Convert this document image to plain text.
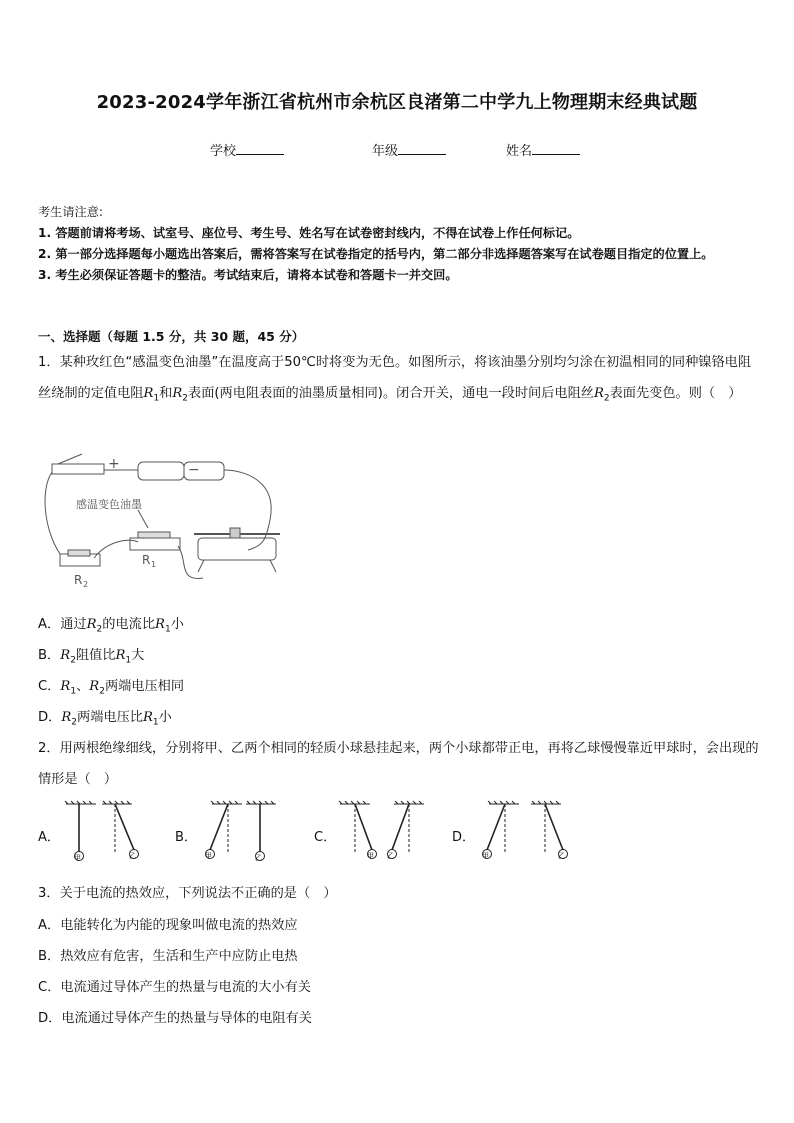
2023-2024学年浙江省杭州市余杭区良渚第二中学九上物理期末经典试题
学校	年级	姓名
考生请注意:
1. 答题前请将考场、试室号、座位号、考生号、姓名写在试卷密封线内，不得在试卷上作任何标记。
2. 第一部分选择题每小题选出答案后，需将答案写在试卷指定的括号内，第二部分非选择题答案写在试卷题目指定的位置上。
3. 考生必须保证答题卡的整洁。考试结束后，请将本试卷和答题卡一并交回。
一、选择题（每题 1.5 分，共 30 题，45 分）
1．某种玫红色“感温变色油墨”在温度高于50℃时将变为无色。如图所示，将该油墨分别均匀涂在初温相同的同种镍铬电阻丝绕制的定值电阻$R_1$和$R_2$表面(两电阻表面的油墨质量相同)。闭合开关，通电一段时间后电阻丝$R_2$表面先变色。则（　）
+	−
感温变色油墨
R 1
R 2
A．通过$R_2$的电流比$R_1$小
B．$R_2$阻值比$R_1$大
C．$R_1$、$R_2$两端电压相同
D．$R_2$两端电压比$R_1$小
2．用两根绝缘细线，分别将甲、乙两个相同的轻质小球悬挂起来，两个小球都带正电，再将乙球慢慢靠近甲球时，会出现的情形是（　）
A．	B．	C．	D．
甲	乙	甲	乙	甲 乙	甲	乙
3．关于电流的热效应，下列说法不正确的是（　）
A．电能转化为内能的现象叫做电流的热效应
B．热效应有危害，生活和生产中应防止电热
C．电流通过导体产生的热量与电流的大小有关
D．电流通过导体产生的热量与导体的电阻有关
